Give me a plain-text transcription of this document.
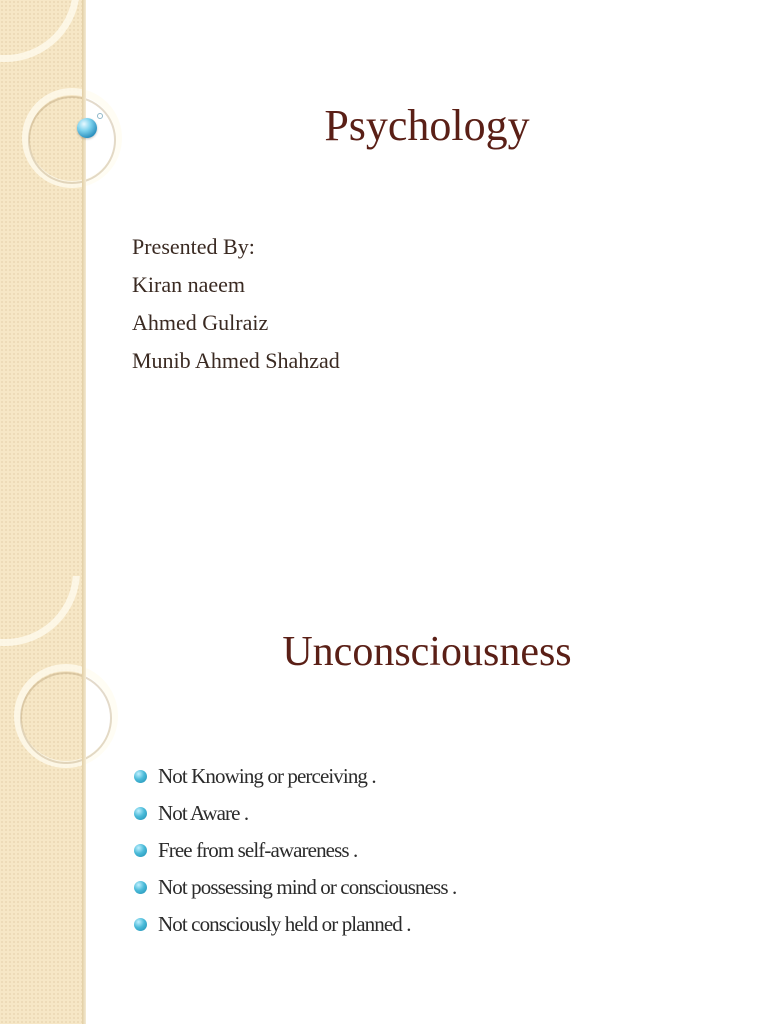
Psychology
Presented By:
Kiran naeem
Ahmed Gulraiz
Munib Ahmed Shahzad
Unconsciousness
Not Knowing or perceiving .
Not Aware .
Free from self-awareness .
Not possessing mind or consciousness .
Not consciously held or planned .
